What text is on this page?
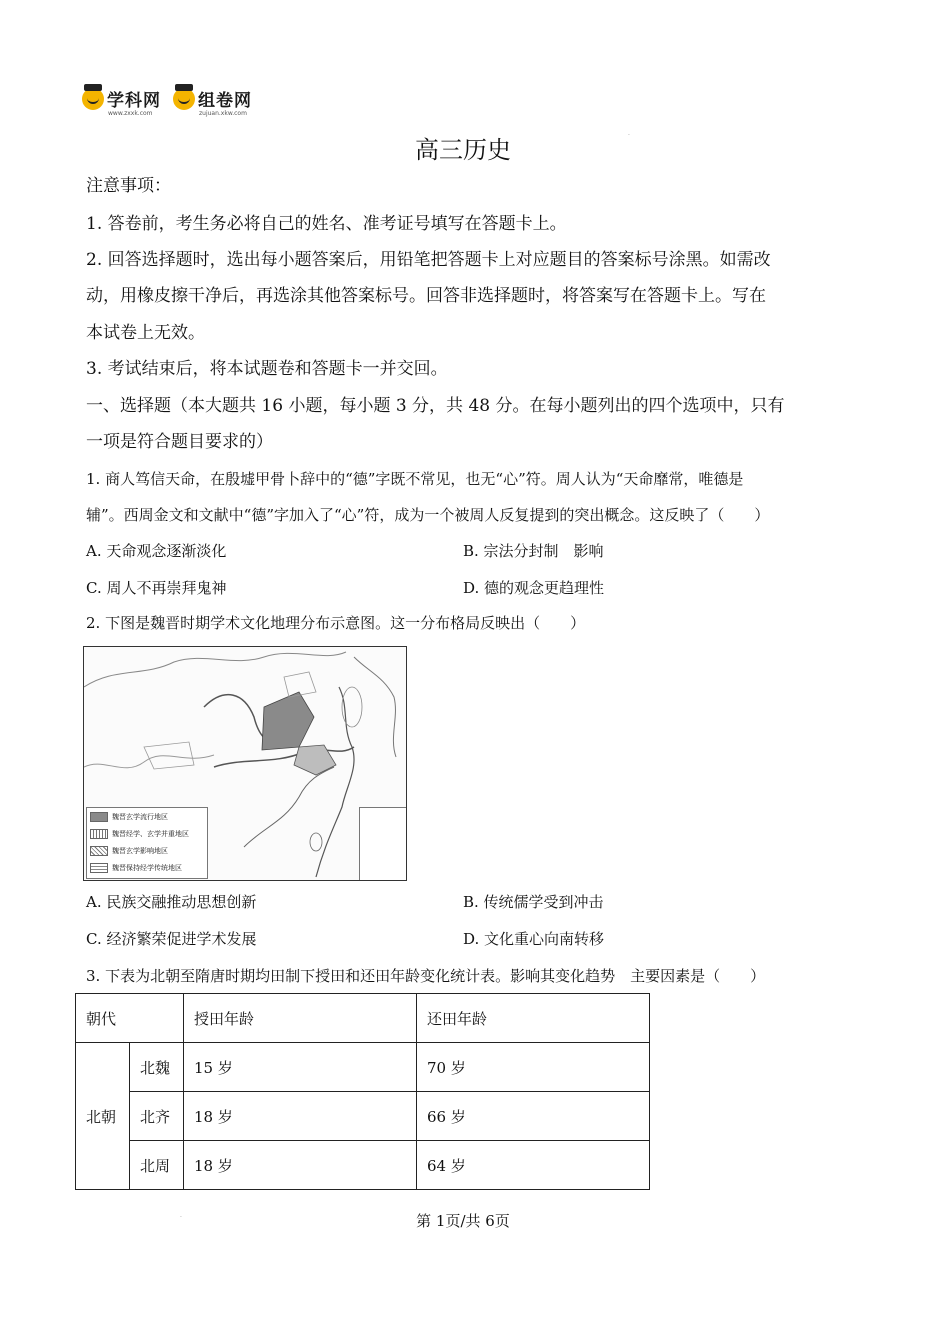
学科网
www.zxxk.com
组卷网
zujuan.xkw.com
高三历史
.
注意事项：
1. 答卷前，考生务必将自己的姓名、准考证号填写在答题卡上。
2. 回答选择题时，选出每小题答案后，用铅笔把答题卡上对应题目的答案标号涂黑。如需改
动，用橡皮擦干净后，再选涂其他答案标号。回答非选择题时，将答案写在答题卡上。写在
本试卷上无效。
3. 考试结束后，将本试题卷和答题卡一并交回。
一、选择题（本大题共 16 小题，每小题 3 分，共 48 分。在每小题列出的四个选项中，只有
一项是符合题目要求的）
1. 商人笃信天命，在殷墟甲骨卜辞中的“德”字既不常见，也无“心”符。周人认为“天命靡常，唯德是
辅”。西周金文和文献中“德”字加入了“心”符，成为一个被周人反复提到的突出概念。这反映了（　　）
A. 天命观念逐渐淡化	B. 宗法分封制　影响
C. 周人不再崇拜鬼神	D. 德的观念更趋理性
2. 下图是魏晋时期学术文化地理分布示意图。这一分布格局反映出（　　）
魏晋玄学流行地区
魏晋经学、玄学并重地区
魏晋玄学影响地区
魏晋保持经学传统地区
A. 民族交融推动思想创新	B. 传统儒学受到冲击
C. 经济繁荣促进学术发展	D. 文化重心向南转移
3. 下表为北朝至隋唐时期均田制下授田和还田年龄变化统计表。影响其变化趋势　主要因素是（　　）
朝代		授田年龄	还田年龄
北朝	北魏	15 岁	70 岁
	北齐	18 岁	66 岁
	北周	18 岁	64 岁
.	第 1页/共 6页
